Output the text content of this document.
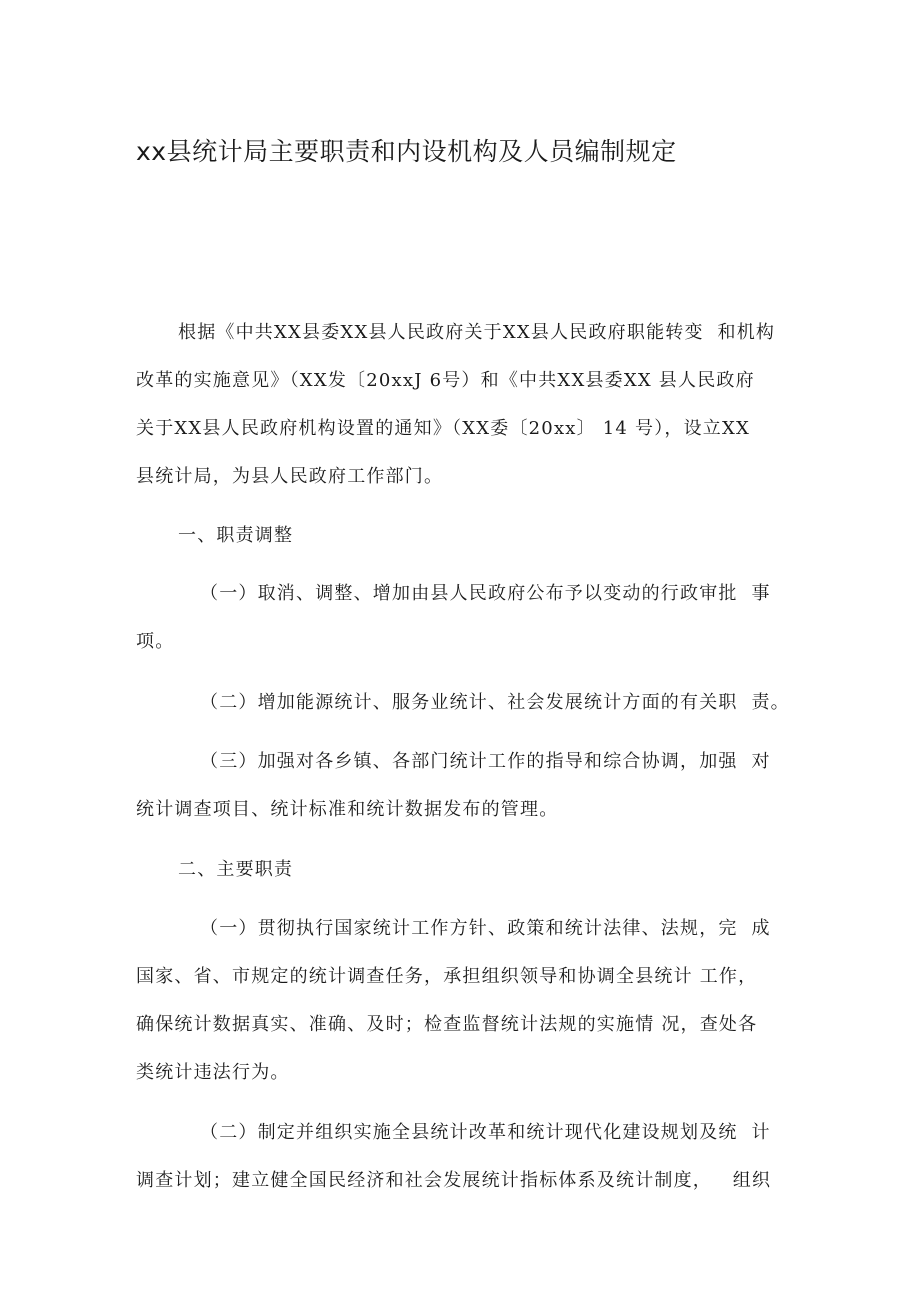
xx县统计局主要职责和内设机构及人员编制规定

根据《中共XX县委XX县人民政府关于XX县人民政府职能转变  和机构

改革的实施意见》（XX发〔20xxJ 6号）和《中共XX县委XX 县人民政府

关于XX县人民政府机构设置的通知》（XX委〔20xx〕 14 号），设立XX

县统计局，为县人民政府工作部门。

一、职责调整

（一）取消、调整、增加由县人民政府公布予以变动的行政审批  事

项。

（二）增加能源统计、服务业统计、社会发展统计方面的有关职  责。

（三）加强对各乡镇、各部门统计工作的指导和综合协调，加强  对

统计调查项目、统计标准和统计数据发布的管理。

二、主要职责

（一）贯彻执行国家统计工作方针、政策和统计法律、法规，完  成

国家、省、市规定的统计调查任务，承担组织领导和协调全县统计 工作，

确保统计数据真实、准确、及时；检查监督统计法规的实施情 况，查处各

类统计违法行为。

（二）制定并组织实施全县统计改革和统计现代化建设规划及统  计

调查计划；建立健全国民经济和社会发展统计指标体系及统计制度，   组织
